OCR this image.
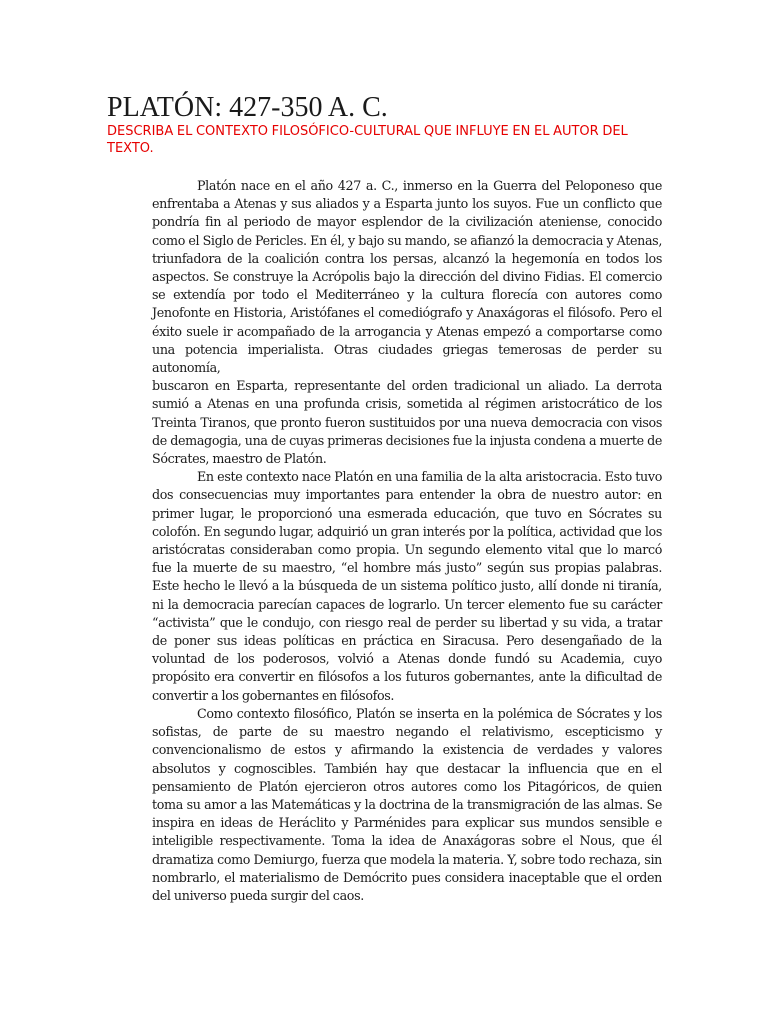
PLATÓN: 427-350 A. C.

DESCRIBA EL CONTEXTO FILOSÓFICO-CULTURAL QUE INFLUYE EN EL AUTOR DEL TEXTO.

Platón nace en el año 427 a. C., inmerso en la Guerra del Peloponeso que enfrentaba a Atenas y sus aliados y a Esparta junto los suyos. Fue un conflicto que pondría fin al periodo de mayor esplendor de la civilización ateniense, conocido como el Siglo de Pericles. En él, y bajo su mando, se afianzó la democracia y Atenas, triunfadora de la coalición contra los persas, alcanzó la hegemonía en todos los aspectos. Se construye la Acrópolis bajo la dirección del divino Fidias. El comercio se extendía por todo el Mediterráneo y la cultura florecía con autores como Jenofonte en Historia, Aristófanes el comediógrafo y Anaxágoras el filósofo. Pero el éxito suele ir acompañado de la arrogancia y Atenas empezó a comportarse como una potencia imperialista. Otras ciudades griegas temerosas de perder su autonomía,

buscaron en Esparta, representante del orden tradicional un aliado. La derrota sumió a Atenas en una profunda crisis, sometida al régimen aristocrático de los Treinta Tiranos, que pronto fueron sustituidos por una nueva democracia con visos de demagogia, una de cuyas primeras decisiones fue la injusta condena a muerte de Sócrates, maestro de Platón.

En este contexto nace Platón en una familia de la alta aristocracia. Esto tuvo dos consecuencias muy importantes para entender la obra de nuestro autor: en primer lugar, le proporcionó una esmerada educación, que tuvo en Sócrates su colofón. En segundo lugar, adquirió un gran interés por la política, actividad que los aristócratas consideraban como propia. Un segundo elemento vital que lo marcó fue la muerte de su maestro, “el hombre más justo” según sus propias palabras. Este hecho le llevó a la búsqueda de un sistema político justo, allí donde ni tiranía, ni la democracia parecían capaces de lograrlo. Un tercer elemento fue su carácter “activista” que le condujo, con riesgo real de perder su libertad y su vida, a tratar de poner sus ideas políticas en práctica en Siracusa. Pero desengañado de la voluntad de los poderosos, volvió a Atenas donde fundó su Academia, cuyo propósito era convertir en filósofos a los futuros gobernantes, ante la dificultad de convertir a los gobernantes en filósofos.

Como contexto filosófico, Platón se inserta en la polémica de Sócrates y los sofistas, de parte de su maestro negando el relativismo, escepticismo y convencionalismo de estos y afirmando la existencia de verdades y valores absolutos y cognoscibles. También hay que destacar la influencia que en el pensamiento de Platón ejercieron otros autores como los Pitagóricos, de quien toma su amor a las Matemáticas y la doctrina de la transmigración de las almas. Se inspira en ideas de Heráclito y Parménides para explicar sus mundos sensible e inteligible respectivamente. Toma la idea de Anaxágoras sobre el Nous, que él dramatiza como Demiurgo, fuerza que modela la materia. Y, sobre todo rechaza, sin nombrarlo, el materialismo de Demócrito pues considera inaceptable que el orden del universo pueda surgir del caos.
